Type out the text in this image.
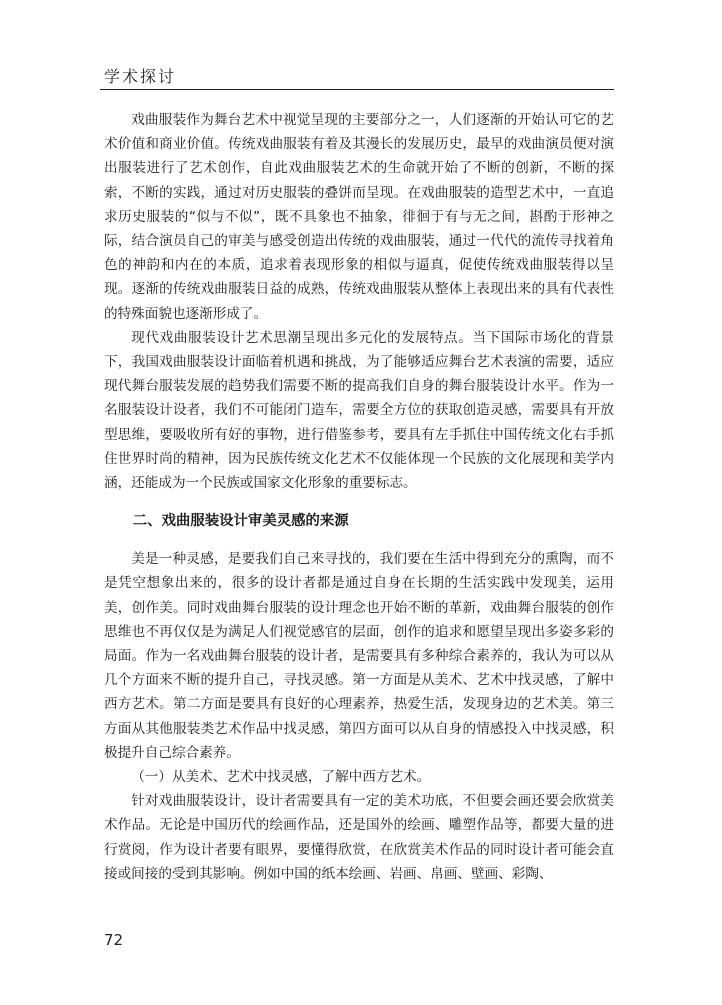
学术探讨

戏曲服装作为舞台艺术中视觉呈现的主要部分之一，人们逐渐的开始认可它的艺术价值和商业价值。传统戏曲服装有着及其漫长的发展历史，最早的戏曲演员便对演出服装进行了艺术创作，自此戏曲服装艺术的生命就开始了不断的创新，不断的探索，不断的实践，通过对历史服装的叠饼而呈现。在戏曲服装的造型艺术中，一直追求历史服装的“似与不似”，既不具象也不抽象，徘徊于有与无之间，斟酌于形神之际，结合演员自己的审美与感受创造出传统的戏曲服装，通过一代代的流传寻找着角色的神韵和内在的本质，追求着表现形象的相似与逼真，促使传统戏曲服装得以呈现。逐渐的传统戏曲服装日益的成熟，传统戏曲服装从整体上表现出来的具有代表性的特殊面貌也逐渐形成了。

现代戏曲服装设计艺术思潮呈现出多元化的发展特点。当下国际市场化的背景下，我国戏曲服装设计面临着机遇和挑战，为了能够适应舞台艺术表演的需要，适应现代舞台服装发展的趋势我们需要不断的提高我们自身的舞台服装设计水平。作为一名服装设计设者，我们不可能闭门造车，需要全方位的获取创造灵感，需要具有开放型思维，要吸收所有好的事物，进行借鉴参考，要具有左手抓住中国传统文化右手抓住世界时尚的精神，因为民族传统文化艺术不仅能体现一个民族的文化展现和美学内涵，还能成为一个民族或国家文化形象的重要标志。

二、戏曲服装设计审美灵感的来源

美是一种灵感，是要我们自己来寻找的，我们要在生活中得到充分的熏陶，而不是凭空想象出来的，很多的设计者都是通过自身在长期的生活实践中发现美，运用美，创作美。同时戏曲舞台服装的设计理念也开始不断的革新，戏曲舞台服装的创作思维也不再仅仅是为满足人们视觉感官的层面，创作的追求和愿望呈现出多姿多彩的局面。作为一名戏曲舞台服装的设计者，是需要具有多种综合素养的，我认为可以从几个方面来不断的提升自己，寻找灵感。第一方面是从美术、艺术中找灵感，了解中西方艺术。第二方面是要具有良好的心理素养，热爱生活，发现身边的艺术美。第三方面从其他服装类艺术作品中找灵感，第四方面可以从自身的情感投入中找灵感，积极提升自己综合素养。

（一）从美术、艺术中找灵感，了解中西方艺术。

针对戏曲服装设计，设计者需要具有一定的美术功底，不但要会画还要会欣赏美术作品。无论是中国历代的绘画作品，还是国外的绘画、雕塑作品等，都要大量的进行赏阅，作为设计者要有眼界，要懂得欣赏，在欣赏美术作品的同时设计者可能会直接或间接的受到其影响。例如中国的纸本绘画、岩画、帛画、壁画、彩陶、

72
